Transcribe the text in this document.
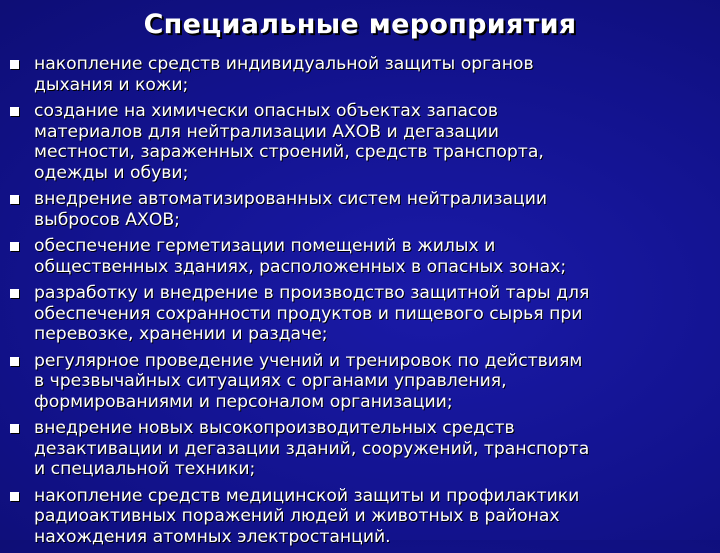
Специальные мероприятия
накопление средств индивидуальной защиты органов
дыхания и кожи;
создание на химически опасных объектах запасов
материалов для нейтрализации АХОВ и дегазации
местности, зараженных строений, средств транспорта,
одежды и обуви;
внедрение автоматизированных систем нейтрализации
выбросов АХОВ;
обеспечение герметизации помещений в жилых и
общественных зданиях, расположенных в опасных зонах;
разработку и внедрение в производство защитной тары для
обеспечения сохранности продуктов и пищевого сырья при
перевозке, хранении и раздаче;
регулярное проведение учений и тренировок по действиям
в чрезвычайных ситуациях с органами управления,
формированиями и персоналом организации;
внедрение новых высокопроизводительных средств
дезактивации и дегазации зданий, сооружений, транспорта
и специальной техники;
накопление средств медицинской защиты и профилактики
радиоактивных поражений людей и животных в районах
нахождения атомных электростанций.
